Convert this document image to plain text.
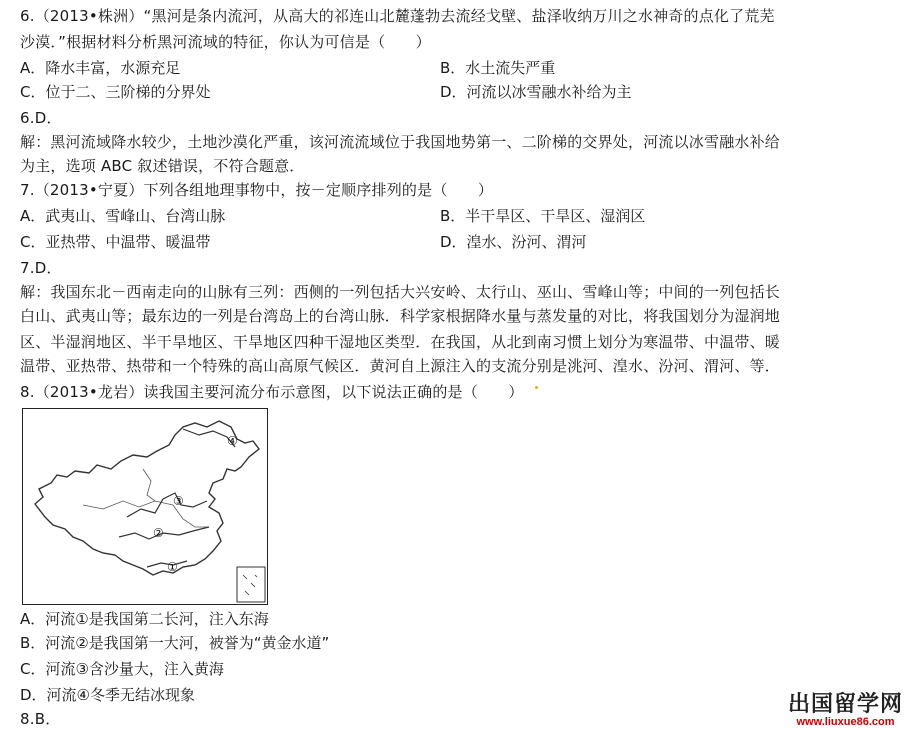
6.（2013•株洲）“黑河是条内流河，从高大的祁连山北麓蓬勃去流经戈壁、盐泽收纳万川之水神奇的点化了荒芜
沙漠．”根据材料分析黑河流域的特征，你认为可信是（　　）
A．降水丰富，水源充足	B．水土流失严重
C．位于二、三阶梯的分界处	D．河流以冰雪融水补给为主
6.D．
解：黑河流域降水较少，土地沙漠化严重，该河流流域位于我国地势第一、二阶梯的交界处，河流以冰雪融水补给
为主，选项 ABC 叙述错误，不符合题意．
7.（2013•宁夏）下列各组地理事物中，按－定顺序排列的是（　　）
A．武夷山、雪峰山、台湾山脉	B．半干旱区、干旱区、湿润区
C．亚热带、中温带、暖温带	D．湟水、汾河、渭河
7.D．
解：我国东北－西南走向的山脉有三列：西侧的一列包括大兴安岭、太行山、巫山、雪峰山等；中间的一列包括长
白山、武夷山等；最东边的一列是台湾岛上的台湾山脉．科学家根据降水量与蒸发量的对比，将我国划分为湿润地
区、半湿润地区、半干旱地区、干旱地区四种干湿地区类型．在我国，从北到南习惯上划分为寒温带、中温带、暖
温带、亚热带、热带和一个特殊的高山高原气候区．黄河自上源注入的支流分别是洮河、湟水、汾河、渭河、等．
8.（2013•龙岩）读我国主要河流分布示意图，以下说法正确的是（　　）
④
③
②
①
A．河流①是我国第二长河，注入东海
B．河流②是我国第一大河，被誉为“黄金水道”
C．河流③含沙量大，注入黄海
D．河流④冬季无结冰现象
8.B．
出国留学网
www.liuxue86.com
